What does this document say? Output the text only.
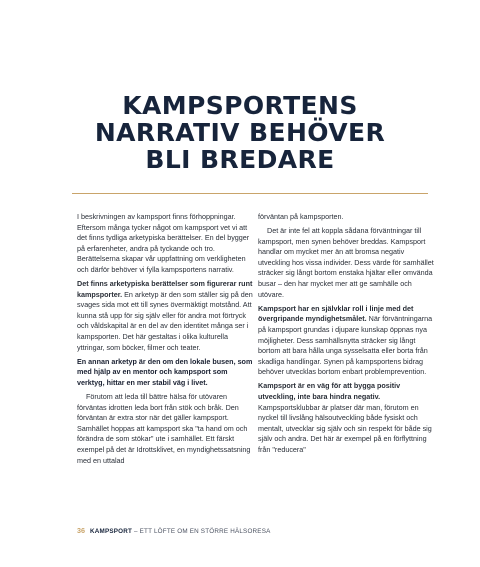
KAMPSPORTENS
NARRATIV BEHÖVER
BLI BREDARE

I beskrivningen av kampsport finns förhoppningar. Eftersom många tycker något om kampsport vet vi att det finns tydliga arketypiska berättelser. En del bygger på erfarenheter, andra på tyckande och tro. Berättelserna skapar vår uppfattning om verkligheten och därför behöver vi fylla kampsportens narrativ.

Det finns arketypiska berättelser som figurerar runt kampsporter. En arketyp är den som ställer sig på den svages sida mot ett till synes övermäktigt motstånd. Att kunna stå upp för sig själv eller för andra mot förtryck och våldskapital är en del av den identitet många ser i kampsporten. Det här gestaltas i olika kulturella yttringar, som böcker, filmer och teater.

En annan arketyp är den om den lokale busen, som med hjälp av en mentor och kampsport som verktyg, hittar en mer stabil väg i livet.

Förutom att leda till bättre hälsa för utövaren förväntas idrotten leda bort från stök och bråk. Den förväntan är extra stor när det gäller kampsport. Samhället hoppas att kampsport ska "ta hand om och förändra de som stökar" ute i samhället. Ett färskt exempel på det är Idrottsklivet, en myndighetssatsning med en uttalad

förväntan på kampsporten.

Det är inte fel att koppla sådana förväntningar till kampsport, men synen behöver breddas. Kampsport handlar om mycket mer än att bromsa negativ utveckling hos vissa individer. Dess värde för samhället sträcker sig långt bortom enstaka hjältar eller omvända busar – den har mycket mer att ge samhälle och utövare.

Kampsport har en självklar roll i linje med det övergripande myndighetsmålet. När förväntningarna på kampsport grundas i djupare kunskap öppnas nya möjligheter. Dess samhällsnytta sträcker sig långt bortom att bara hålla unga sysselsatta eller borta från skadliga handlingar. Synen på kampsportens bidrag behöver utvecklas bortom enbart problemprevention.

Kampsport är en väg för att bygga positiv utveckling, inte bara hindra negativ. Kampsportsklubbar är platser där man, förutom en nyckel till livslång hälsoutveckling både fysiskt och mentalt, utvecklar sig själv och sin respekt för både sig själv och andra. Det här är exempel på en förflyttning från "reducera"

36 KAMPSPORT – ETT LÖFTE OM EN STÖRRE HÄLSORESA
